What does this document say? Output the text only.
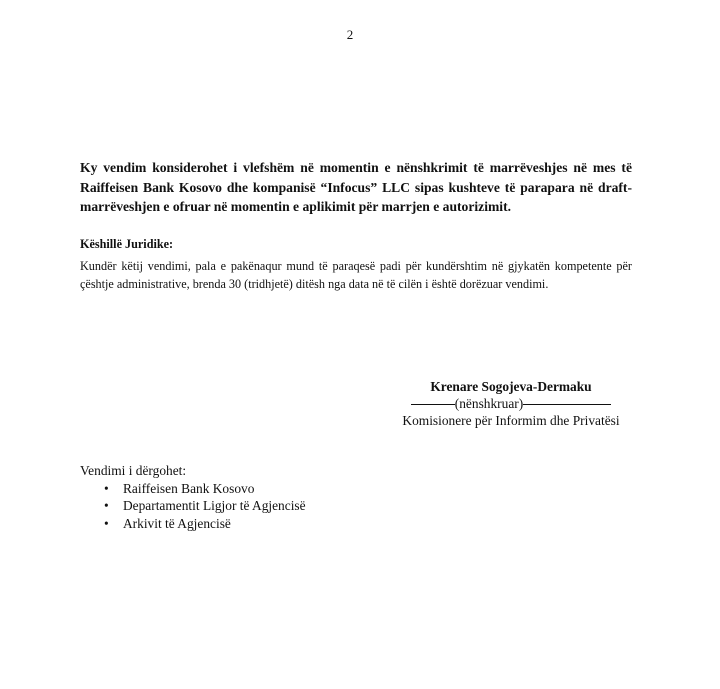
2

Ky vendim konsiderohet i vlefshëm në momentin e nënshkrimit të marrëveshjes në mes të Raiffeisen Bank Kosovo dhe kompanisë “Infocus” LLC sipas kushteve të parapara në draft-marrëveshjen e ofruar në momentin e aplikimit për marrjen e autorizimit.

Këshillë Juridike:

Kundër këtij vendimi, pala e pakënaqur mund të paraqesë padi për kundërshtim në gjykatën kompetente për çështje administrative, brenda 30 (tridhjetë) ditësh nga data në të cilën i është dorëzuar vendimi.

Krenare Sogojeva-Dermaku
(nënshkruar)
Komisionere për Informim dhe Privatësi
Vendimi i dërgohet:
• Raiffeisen Bank Kosovo
• Departamentit Ligjor të Agjencisë
• Arkivit të Agjencisë
